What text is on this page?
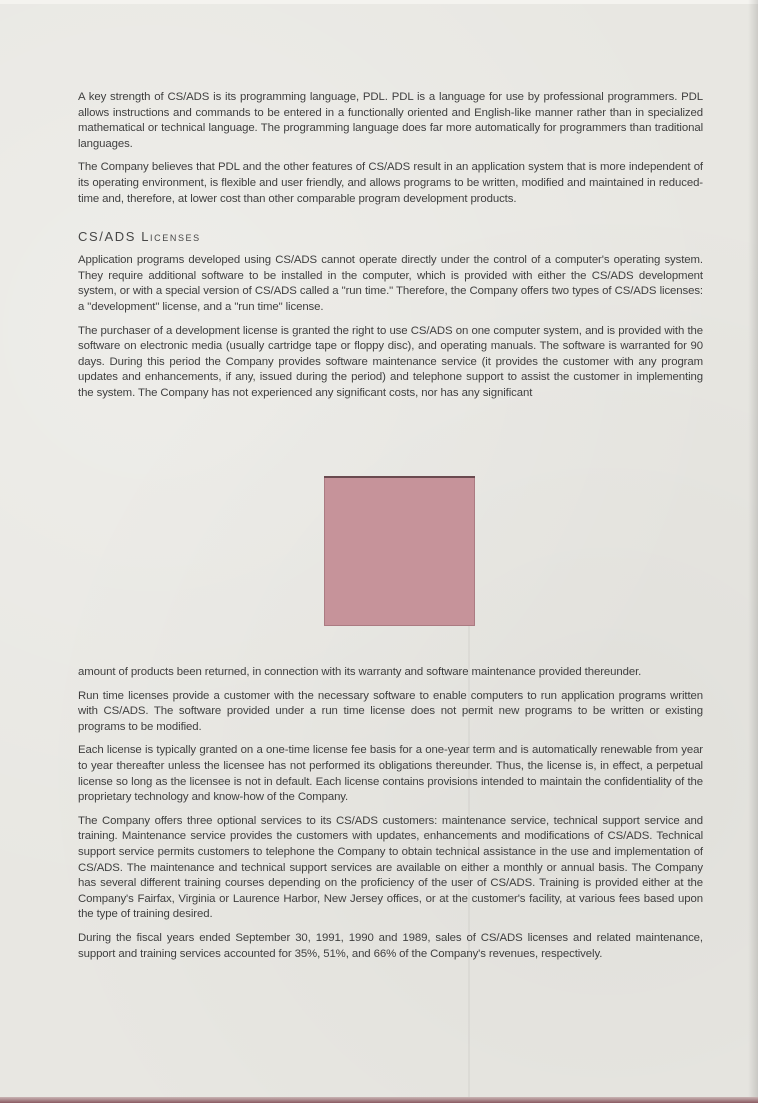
A key strength of CS/ADS is its programming language, PDL. PDL is a language for use by professional programmers. PDL allows instructions and commands to be entered in a functionally oriented and English-like manner rather than in specialized mathematical or technical language. The programming language does far more automatically for programmers than traditional languages.

The Company believes that PDL and the other features of CS/ADS result in an application system that is more independent of its operating environment, is flexible and user friendly, and allows programs to be written, modified and maintained in reduced-time and, therefore, at lower cost than other comparable program development products.

CS/ADS Licenses

Application programs developed using CS/ADS cannot operate directly under the control of a computer's operating system. They require additional software to be installed in the computer, which is provided with either the CS/ADS development system, or with a special version of CS/ADS called a "run time." Therefore, the Company offers two types of CS/ADS licenses: a "development" license, and a "run time" license.

The purchaser of a development license is granted the right to use CS/ADS on one computer system, and is provided with the software on electronic media (usually cartridge tape or floppy disc), and operating manuals. The software is warranted for 90 days. During this period the Company provides software maintenance service (it provides the customer with any program updates and enhancements, if any, issued during the period) and telephone support to assist the customer in implementing the system. The Company has not experienced any significant costs, nor has any significant

amount of products been returned, in connection with its warranty and software maintenance provided thereunder.

Run time licenses provide a customer with the necessary software to enable computers to run application programs written with CS/ADS. The software provided under a run time license does not permit new programs to be written or existing programs to be modified.

Each license is typically granted on a one-time license fee basis for a one-year term and is automatically renewable from year to year thereafter unless the licensee has not performed its obligations thereunder. Thus, the license is, in effect, a perpetual license so long as the licensee is not in default. Each license contains provisions intended to maintain the confidentiality of the proprietary technology and know-how of the Company.

The Company offers three optional services to its CS/ADS customers: maintenance service, technical support service and training. Maintenance service provides the customers with updates, enhancements and modifications of CS/ADS. Technical support service permits customers to telephone the Company to obtain technical assistance in the use and implementation of CS/ADS. The maintenance and technical support services are available on either a monthly or annual basis. The Company has several different training courses depending on the proficiency of the user of CS/ADS. Training is provided either at the Company's Fairfax, Virginia or Laurence Harbor, New Jersey offices, or at the customer's facility, at various fees based upon the type of training desired.

During the fiscal years ended September 30, 1991, 1990 and 1989, sales of CS/ADS licenses and related maintenance, support and training services accounted for 35%, 51%, and 66% of the Company's revenues, respectively.
